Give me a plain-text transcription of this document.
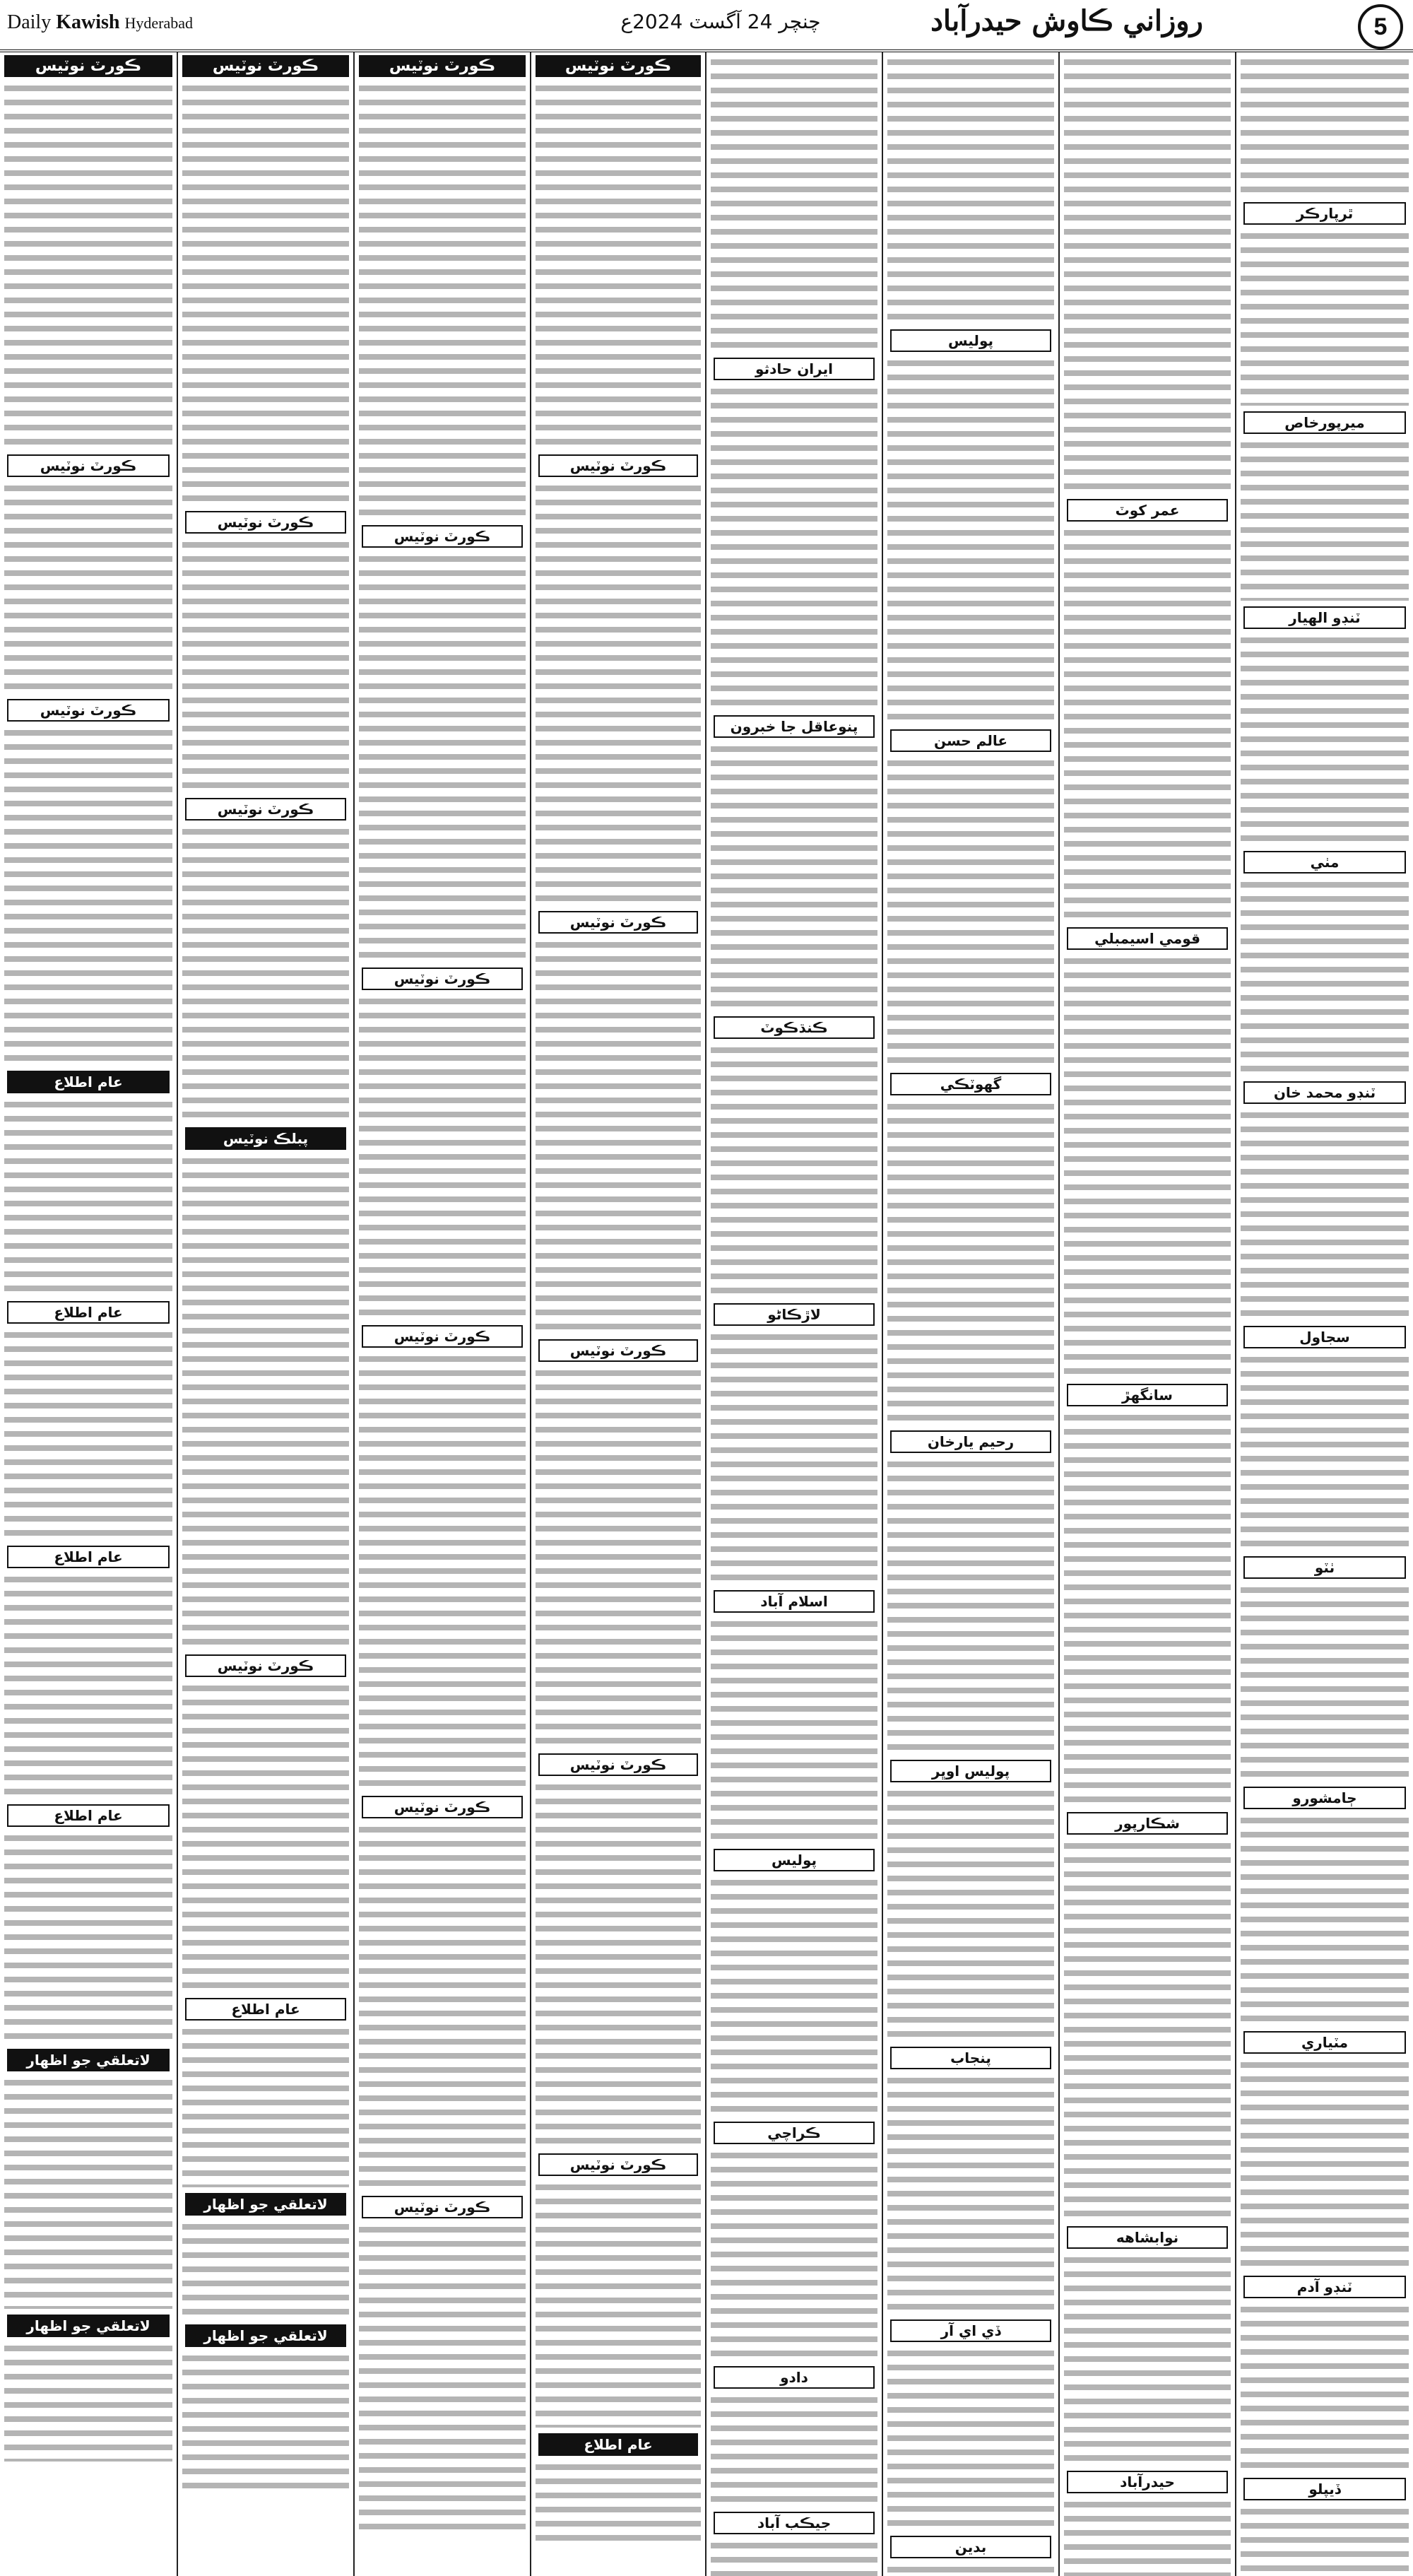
Daily Kawish Hyderabad	چنچر 24 آگسٽ 2024ع	روزاني ڪاوش حيدرآباد	5
ڪورٽ نوٽيس
ڪورٽ نوٽيس
ڪورٽ نوٽيس
عام اطلاع
عام اطلاع
عام اطلاع
عام اطلاع
لاتعلقي جو اظهار
لاتعلقي جو اظهار
ڪورٽ نوٽيس
ڪورٽ نوٽيس
ڪورٽ نوٽيس
پبلڪ نوٽيس
ڪورٽ نوٽيس
عام اطلاع
لاتعلقي جو اظهار
لاتعلقي جو اظهار
ڪورٽ نوٽيس
ڪورٽ نوٽيس
ڪورٽ نوٽيس
ڪورٽ نوٽيس
ڪورٽ نوٽيس
ڪورٽ نوٽيس
ڪورٽ نوٽيس
ڪورٽ نوٽيس
ڪورٽ نوٽيس
ڪورٽ نوٽيس
ڪورٽ نوٽيس
ڪورٽ نوٽيس
عام اطلاع
ايران حادثو
پنوعاقل جا خبرون
ڪنڌڪوٽ
لاڙڪاڻو
اسلام آباد
پوليس
ڪراچي
دادو
جيڪب آباد
پوليس
عالم حسن
گهوٽڪي
رحيم يارخان
پوليس اوڀر
پنجاب
ڏي اي آر
بدين
عمر کوٽ
قومي اسيمبلي
سانگهڙ
شڪارپور
نوابشاهه
حيدرآباد
ٿرپارڪر
ميرپورخاص
ٽنڊو الهيار
مٺي
ٽنڊو محمد خان
سجاول
ٺٽو
ڄامشورو
مٽياري
ٽنڊو آدم
ڏيپلو
